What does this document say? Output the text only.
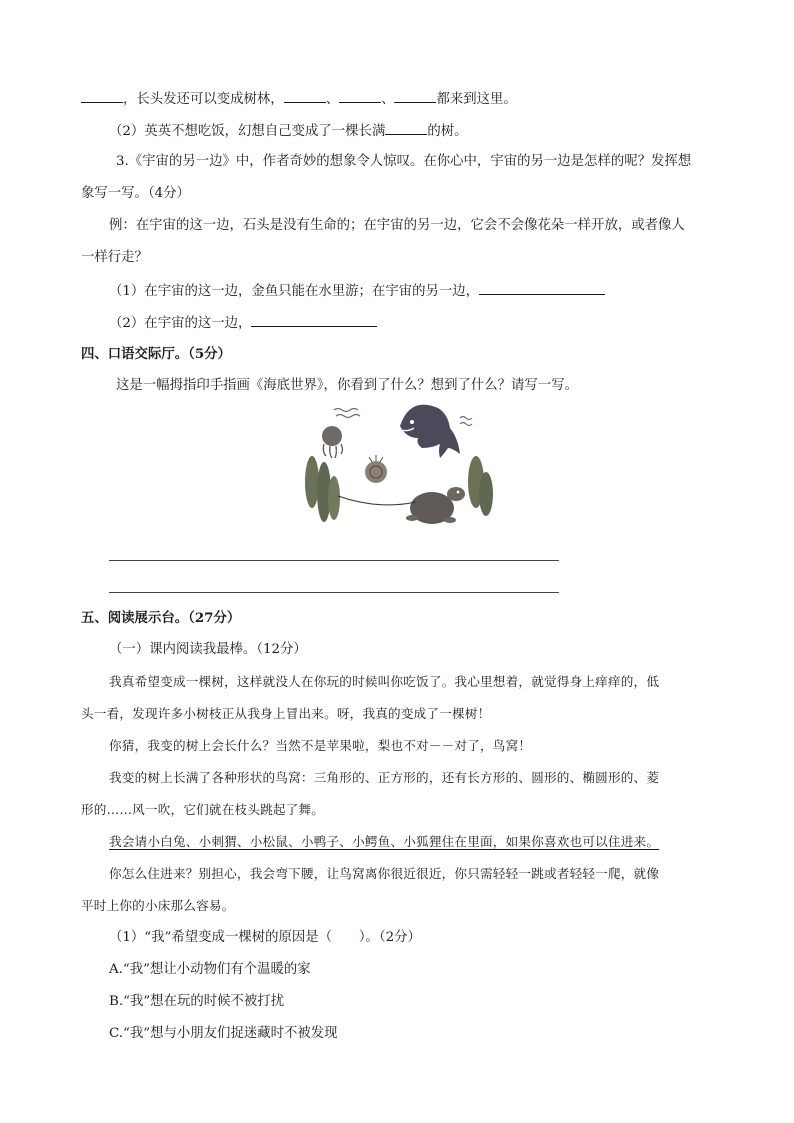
，长头发还可以变成树林，	、	、	都来到这里。
（2）英英不想吃饭，幻想自己变成了一棵长满	的树。
3.《宇宙的另一边》中，作者奇妙的想象令人惊叹。在你心中，宇宙的另一边是怎样的呢？发挥想
象写一写。（4分）
例：在宇宙的这一边，石头是没有生命的；在宇宙的另一边，它会不会像花朵一样开放，或者像人
一样行走？
（1）在宇宙的这一边，金鱼只能在水里游；在宇宙的另一边，
（2）在宇宙的这一边，
四、口语交际厅。（5分）
这是一幅拇指印手指画《海底世界》，你看到了什么？想到了什么？请写一写。
五、阅读展示台。（27分）
（一）课内阅读我最棒。（12分）
我真希望变成一棵树，这样就没人在你玩的时候叫你吃饭了。我心里想着，就觉得身上痒痒的，低
头一看，发现许多小树枝正从我身上冒出来。呀，我真的变成了一棵树！
你猜，我变的树上会长什么？当然不是苹果啦，梨也不对－－对了，鸟窝！
我变的树上长满了各种形状的鸟窝：三角形的、正方形的，还有长方形的、圆形的、椭圆形的、菱
形的……风一吹，它们就在枝头跳起了舞。
我会请小白兔、小刺猬、小松鼠、小鸭子、小鳄鱼、小狐狸住在里面，如果你喜欢也可以住进来。
你怎么住进来？别担心，我会弯下腰，让鸟窝离你很近很近，你只需轻轻一跳或者轻轻一爬，就像
平时上你的小床那么容易。
（1）“我”希望变成一棵树的原因是（　　）。（2分）
A.“我”想让小动物们有个温暖的家
B.“我”想在玩的时候不被打扰
C.“我”想与小朋友们捉迷藏时不被发现
